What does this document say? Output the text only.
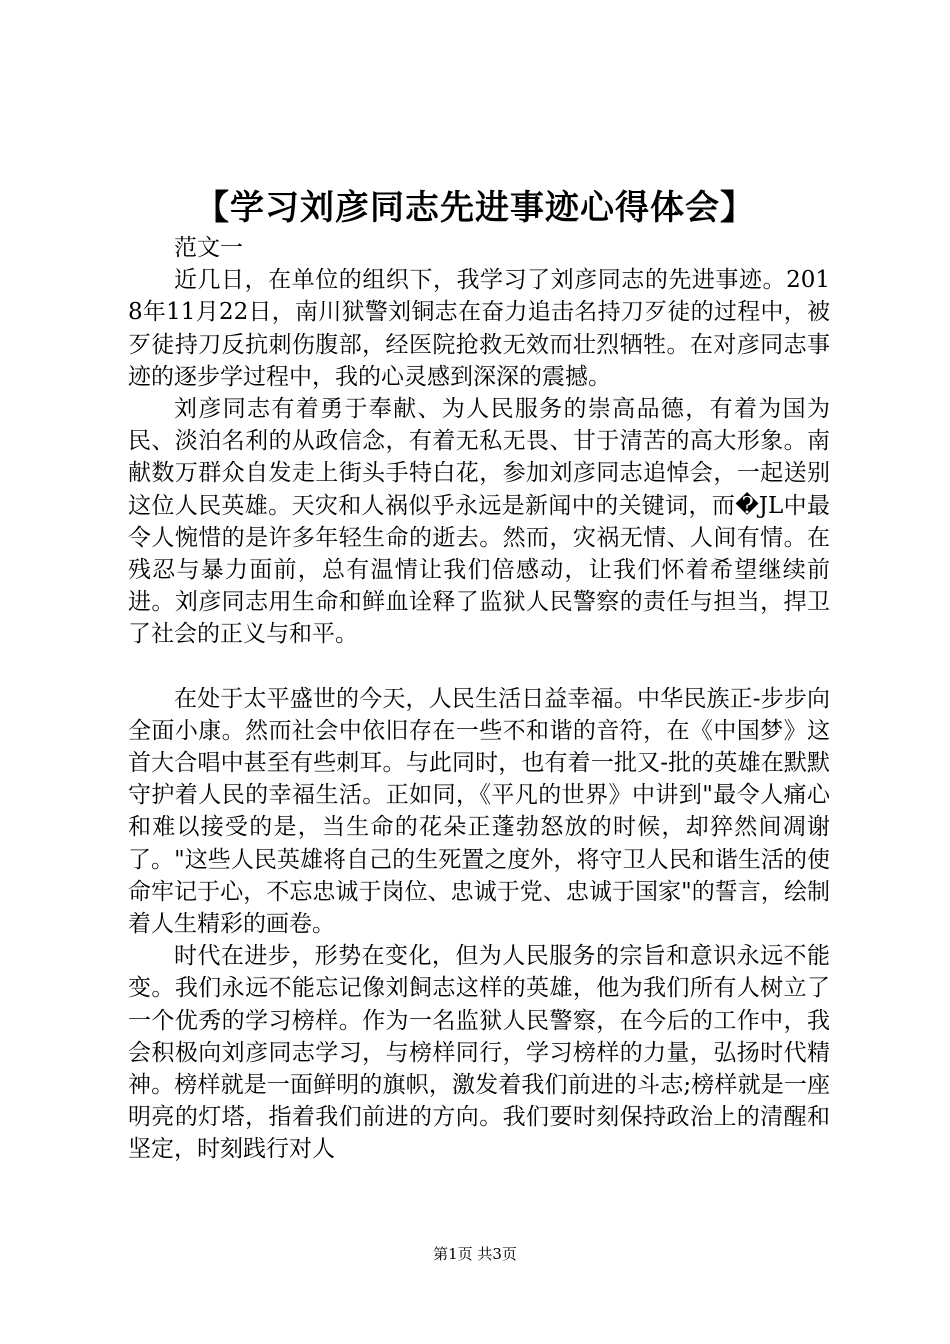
【学习刘彦同志先进事迹心得体会】

范文一

近几日，在单位的组织下，我学习了刘彦同志的先进事迹。2018年11月22日，南川狱警刘铜志在奋力追击名持刀歹徒的过程中，被歹徒持刀反抗刺伤腹部，经医院抢救无效而壮烈牺牲。在对彦同志事迹的逐步学过程中，我的心灵感到深深的震撼。

刘彦同志有着勇于奉献、为人民服务的崇高品德，有着为国为民、淡泊名利的从政信念，有着无私无畏、甘于清苦的高大形象。南献数万群众自发走上街头手特白花，参加刘彦同志追悼会，一起送别这位人民英雄。天灾和人祸似乎永远是新闻中的关键词，而�JL中最令人惋惜的是许多年轻生命的逝去。然而，灾祸无情、人间有情。在残忍与暴力面前，总有温情让我们倍感动，让我们怀着希望继续前进。刘彦同志用生命和鲜血诠释了监狱人民警察的责任与担当，捍卫了社会的正义与和平。

在处于太平盛世的今天，人民生活日益幸福。中华民族正-步步向全面小康。然而社会中依旧存在一些不和谐的音符，在《中国梦》这首大合唱中甚至有些刺耳。与此同时，也有着一批又-批的英雄在默默守护着人民的幸福生活。正如同，《平凡的世界》中讲到"最令人痛心和难以接受的是，当生命的花朵正蓬勃怒放的时候，却猝然间凋谢了。"这些人民英雄将自己的生死置之度外，将守卫人民和谐生活的使命牢记于心，不忘忠诚于岗位、忠诚于党、忠诚于国家"的誓言，绘制着人生精彩的画卷。

时代在进步，形势在变化，但为人民服务的宗旨和意识永远不能变。我们永远不能忘记像刘飼志这样的英雄，他为我们所有人树立了一个优秀的学习榜样。作为一名监狱人民警察，在今后的工作中，我会积极向刘彦同志学习，与榜样同行，学习榜样的力量，弘扬时代精神。榜样就是一面鲜明的旗帜，激发着我们前进的斗志;榜样就是一座明亮的灯塔，指着我们前进的方向。我们要时刻保持政治上的清醒和坚定，时刻践行对人

第1页 共3页
